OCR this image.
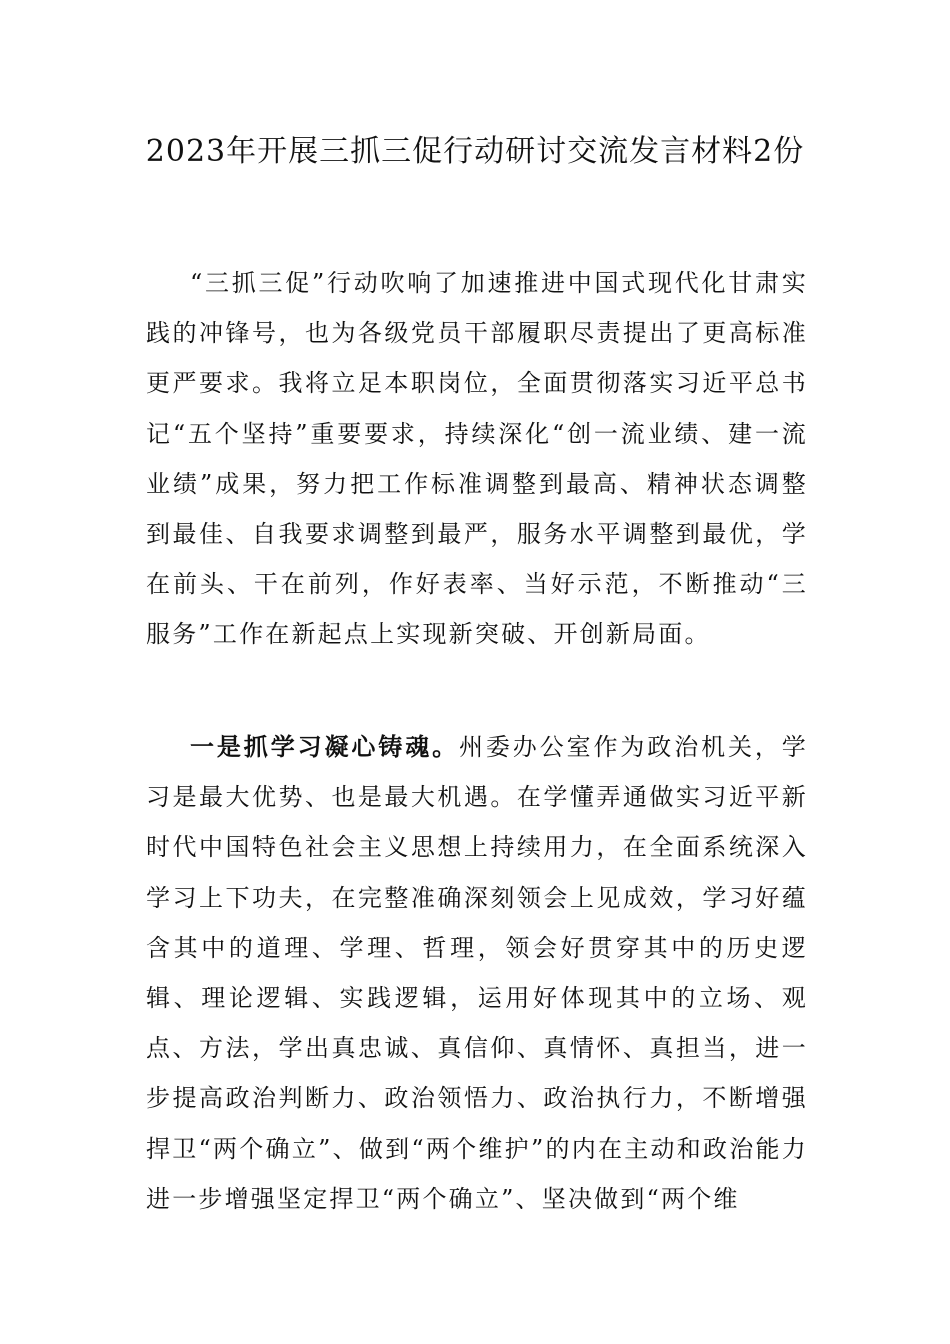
2023年开展三抓三促行动研讨交流发言材料2份
“三抓三促”行动吹响了加速推进中国式现代化甘肃实践的冲锋号，也为各级党员干部履职尽责提出了更高标准更严要求。我将立足本职岗位，全面贯彻落实习近平总书记“五个坚持”重要要求，持续深化“创一流业绩、建一流业绩”成果，努力把工作标准调整到最高、精神状态调整到最佳、自我要求调整到最严，服务水平调整到最优，学在前头、干在前列，作好表率、当好示范，不断推动“三服务”工作在新起点上实现新突破、开创新局面。
一是抓学习凝心铸魂。州委办公室作为政治机关，学习是最大优势、也是最大机遇。在学懂弄通做实习近平新时代中国特色社会主义思想上持续用力，在全面系统深入学习上下功夫，在完整准确深刻领会上见成效，学习好蕴含其中的道理、学理、哲理，领会好贯穿其中的历史逻辑、理论逻辑、实践逻辑，运用好体现其中的立场、观点、方法，学出真忠诚、真信仰、真情怀、真担当，进一步提高政治判断力、政治领悟力、政治执行力，不断增强捍卫“两个确立”、做到“两个维护”的内在主动和政治能力进一步增强坚定捍卫“两个确立”、坚决做到“两个维
